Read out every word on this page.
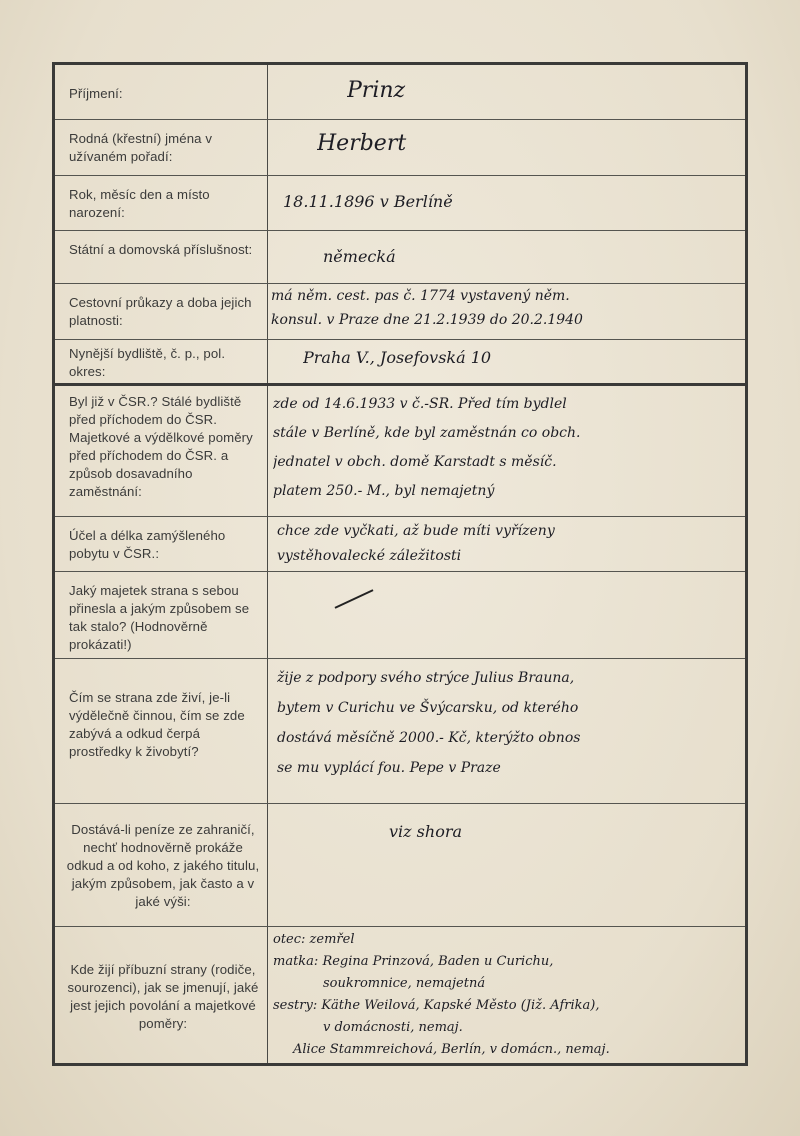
Příjmení:	Prinz
Rodná (křestní) jména v užívaném pořadí:
Herbert
Rok, měsíc den a místo narození:
18.11.1896 v Berlíně
Státní a domovská příslušnost:	německá
Cestovní průkazy a doba jejich platnosti:
má něm. cest. pas č. 1774 vystavený něm.
konsul. v Praze dne 21.2.1939 do 20.2.1940
Nynější bydliště, č. p., pol. okres:
Praha V., Josefovská 10
Byl již v ČSR.? Stálé bydliště před příchodem do ČSR. Majetkové a výdělkové poměry před příchodem do ČSR. a způsob dosavadního zaměstnání:
zde od 14.6.1933 v č.-SR. Před tím bydlel
stále v Berlíně, kde byl zaměstnán co obch.
jednatel v obch. domě Karstadt s měsíč.
platem 250.- M., byl nemajetný
Účel a délka zamýšleného pobytu v ČSR.:
chce zde vyčkati, až bude míti vyřízeny
vystěhovalecké záležitosti
Jaký majetek strana s sebou přinesla a jakým způsobem se tak stalo? (Hodnověrně prokázati!)
Čím se strana zde živí, je-li výdělečně činnou, čím se zde zabývá a odkud čerpá prostředky k živobytí?
žije z podpory svého strýce Julius Brauna,
bytem v Curichu ve Švýcarsku, od kterého
dostává měsíčně 2000.- Kč, kterýžto obnos
se mu vyplácí fou. Pepe v Praze
Dostává-li peníze ze zahraničí, nechť hodnověrně prokáže odkud a od koho, z jakého titulu, jakým způsobem, jak často a v jaké výši:
viz shora
Kde žijí příbuzní strany (rodiče, sourozenci), jak se jmenují, jaké jest jejich povolání a majetkové poměry:
otec: zemřel
matka: Regina Prinzová, Baden u Curichu,
soukromnice, nemajetná
sestry: Käthe Weilová, Kapské Město (Již. Afrika),
v domácnosti, nemaj.
Alice Stammreichová, Berlín, v domácn., nemaj.
